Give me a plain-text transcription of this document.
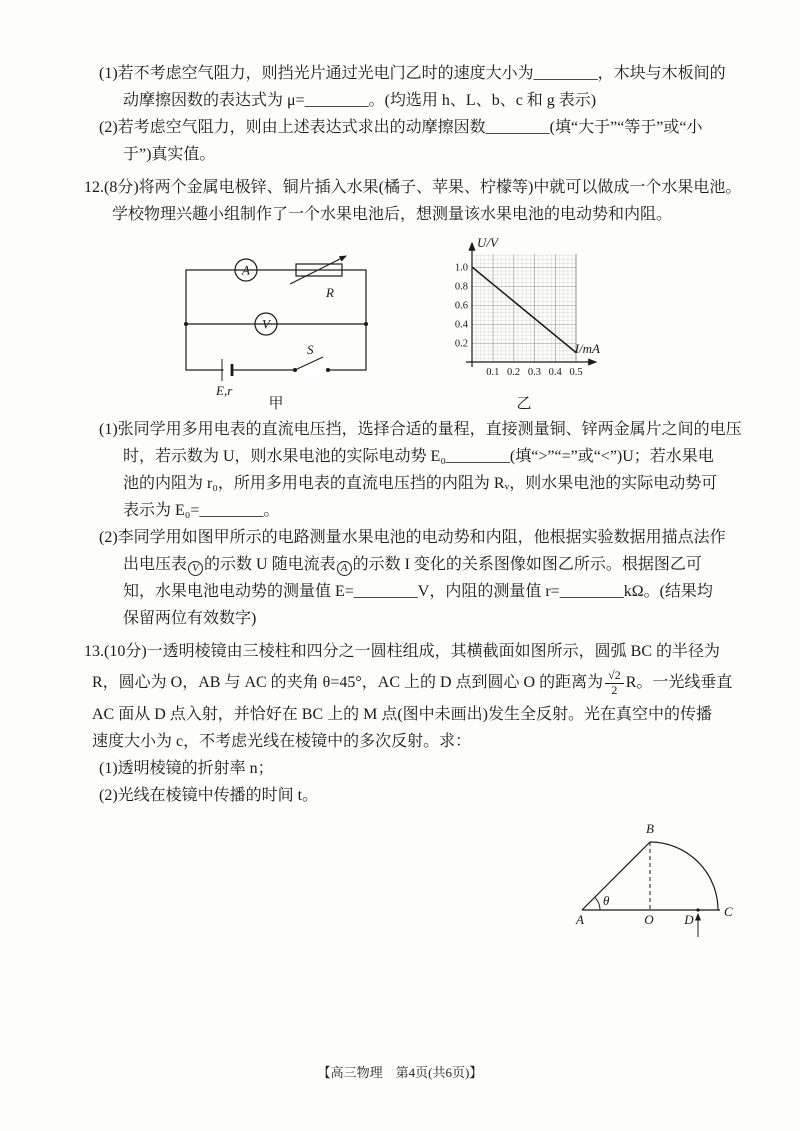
(1)若不考虑空气阻力，则挡光片通过光电门乙时的速度大小为________，木块与木板间的
动摩擦因数的表达式为 μ=________。(均选用 h、L、b、c 和 g 表示)
(2)若考虑空气阻力，则由上述表达式求出的动摩擦因数________(填“大于”“等于”或“小
于”)真实值。
12.(8分)将两个金属电极锌、铜片插入水果(橘子、苹果、柠檬等)中就可以做成一个水果电池。
学校物理兴趣小组制作了一个水果电池后，想测量该水果电池的电动势和内阻。
A
R
V
E,r
S
甲
U/V
I/mA
1.0
0.8
0.6
0.4
0.2
0.1 0.2 0.3 0.4 0.5
乙
(1)张同学用多用电表的直流电压挡，选择合适的量程，直接测量铜、锌两金属片之间的电压
时，若示数为 U，则水果电池的实际电动势 E₀________(填“>”“=”或“<”)U；若水果电
池的内阻为 r₀，所用多用电表的直流电压挡的内阻为 Rᵥ，则水果电池的实际电动势可
表示为 E₀=________。
(2)李同学用如图甲所示的电路测量水果电池的电动势和内阻，他根据实验数据用描点法作
出电压表 V 的示数 U 随电流表 A 的示数 I 变化的关系图像如图乙所示。根据图乙可
知，水果电池电动势的测量值 E=________V，内阻的测量值 r=________kΩ。(结果均
保留两位有效数字)
13.(10分)一透明棱镜由三棱柱和四分之一圆柱组成，其横截面如图所示，圆弧 BC 的半径为
R，圆心为 O，AB 与 AC 的夹角 θ=45°，AC 上的 D 点到圆心 O 的距离为 $\frac{√2}{2}$ R。一光线垂直
AC 面从 D 点入射，并恰好在 BC 上的 M 点(图中未画出)发生全反射。光在真空中的传播
速度大小为 c，不考虑光线在棱镜中的多次反射。求：
(1)透明棱镜的折射率 n；
(2)光线在棱镜中传播的时间 t。
B
A
θ
O D
C
【高三物理　第4页(共6页)】
